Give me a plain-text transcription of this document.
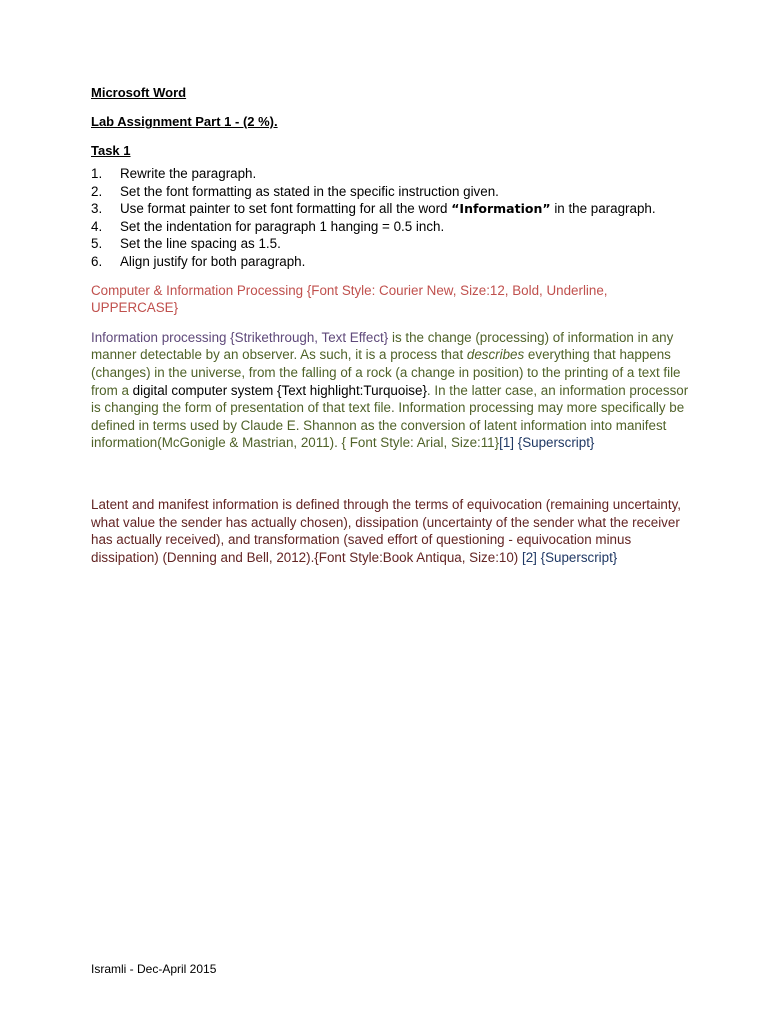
Microsoft Word

Lab Assignment Part 1 - (2 %).

Task 1

1.	Rewrite the paragraph.
2.	Set the font formatting as stated in the specific instruction given.
3.	Use format painter to set font formatting for all the word “Information” in the paragraph.
4.	Set the indentation for paragraph 1 hanging = 0.5 inch.
5.	Set the line spacing as 1.5.
6.	Align justify for both paragraph.

Computer & Information Processing {Font Style: Courier New, Size:12, Bold, Underline, UPPERCASE}

Information processing {Strikethrough, Text Effect} is the change (processing) of information in any manner detectable by an observer. As such, it is a process that describes everything that happens (changes) in the universe, from the falling of a rock (a change in position) to the printing of a text file from a digital computer system {Text highlight:Turquoise}. In the latter case, an information processor is changing the form of presentation of that text file. Information processing may more specifically be defined in terms used by Claude E. Shannon as the conversion of latent information into manifest information(McGonigle & Mastrian, 2011). { Font Style: Arial, Size:11}[1] {Superscript}

Latent and manifest information is defined through the terms of equivocation (remaining uncertainty, what value the sender has actually chosen), dissipation (uncertainty of the sender what the receiver has actually received), and transformation (saved effort of questioning - equivocation minus dissipation) (Denning and Bell, 2012).{Font Style:Book Antiqua, Size:10) [2] {Superscript}

Isramli - Dec-April 2015
